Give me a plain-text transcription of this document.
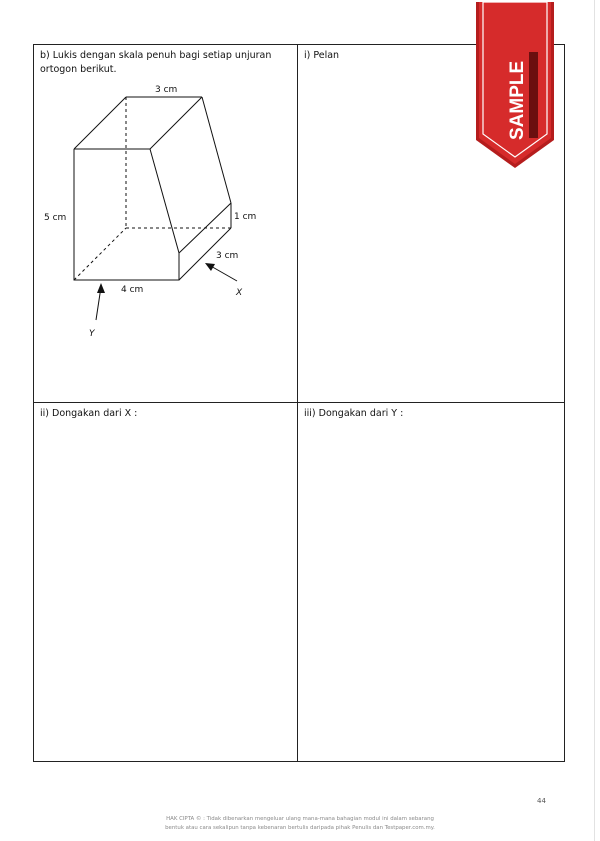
b) Lukis dengan skala penuh bagi setiap unjuran ortogon berikut.
3 cm
5 cm	1 cm
3 cm
4 cm	X
Y
i) Pelan
ii) Dongakan dari X :	iii) Dongakan dari Y :
SAMPLE
44
HAK CIPTA © : Tidak dibenarkan mengeluar ulang mana-mana bahagian modul ini dalam sebarang
bentuk atau cara sekalipun tanpa kebenaran bertulis daripada pihak Penulis dan Testpaper.com.my.
